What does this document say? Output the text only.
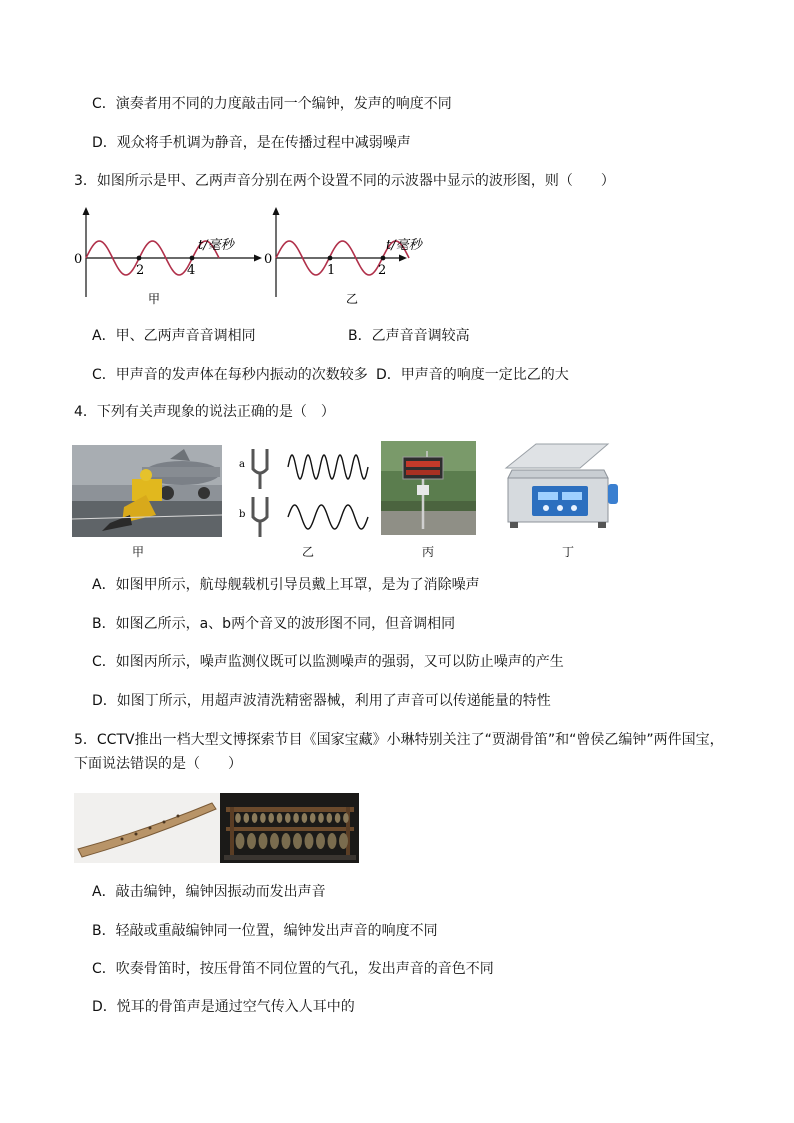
C．演奏者用不同的力度敲击同一个编钟，发声的响度不同
D．观众将手机调为静音，是在传播过程中减弱噪声
3．如图所示是甲、乙两声音分别在两个设置不同的示波器中显示的波形图，则（　　）
0
2	4
t/毫秒
0
1	2
t/毫秒
甲	乙
A．甲、乙两声音音调相同	B．乙声音音调较高
C．甲声音的发声体在每秒内振动的次数较多 D．甲声音的响度一定比乙的大
4．下列有关声现象的说法正确的是（　）
甲
a
b
乙	丙	丁
A．如图甲所示，航母舰载机引导员戴上耳罩，是为了消除噪声
B．如图乙所示，a、b两个音叉的波形图不同，但音调相同
C．如图丙所示，噪声监测仪既可以监测噪声的强弱，又可以防止噪声的产生
D．如图丁所示，用超声波清洗精密器械，利用了声音可以传递能量的特性
5．CCTV推出一档大型文博探索节目《国家宝藏》小琳特别关注了“贾湖骨笛”和“曾侯乙编钟”两件国宝，
下面说法错误的是（　　）
A．敲击编钟，编钟因振动而发出声音
B．轻敲或重敲编钟同一位置，编钟发出声音的响度不同
C．吹奏骨笛时，按压骨笛不同位置的气孔，发出声音的音色不同
D．悦耳的骨笛声是通过空气传入人耳中的
